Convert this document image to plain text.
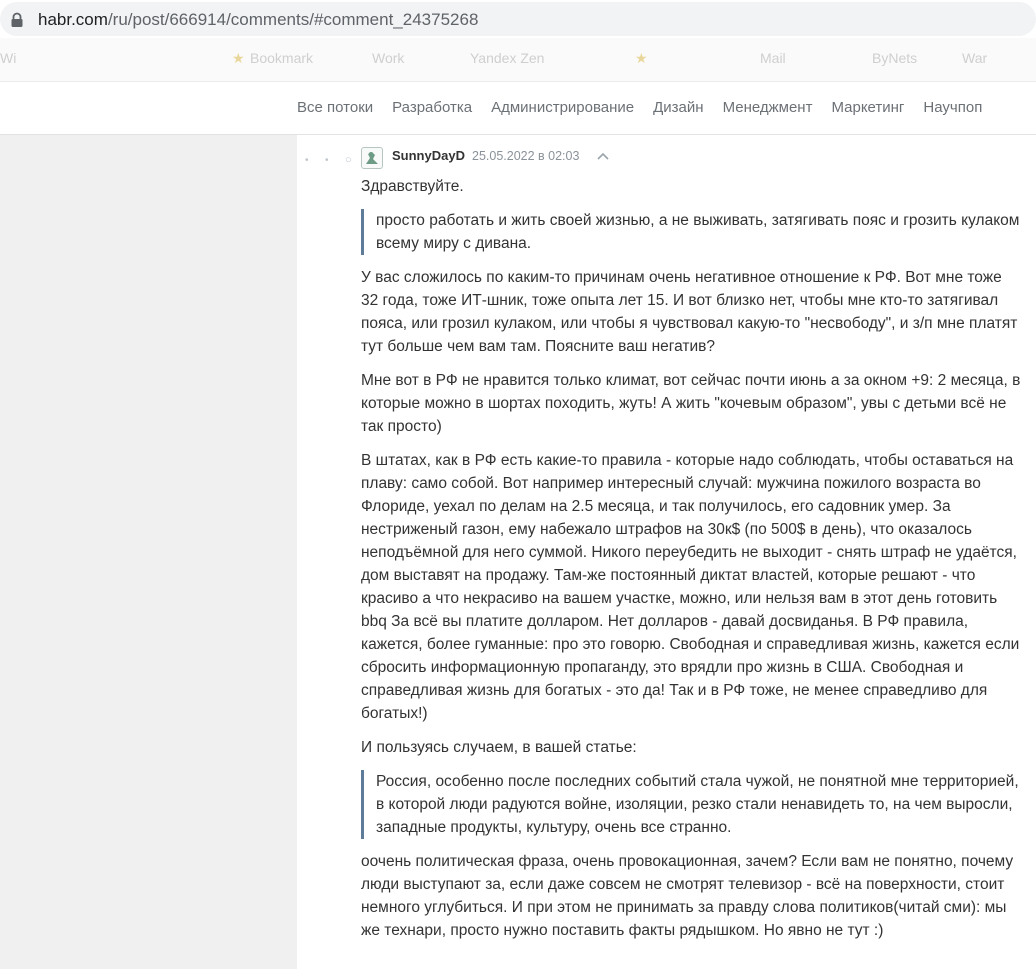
habr.com/ru/post/666914/comments/#comment_24375268
Wi	★ Bookmark	Work	Yandex Zen	★	Mail	ByNets	War
Все потоки Разработка Администрирование Дизайн Менеджмент Маркетинг Научпоп
• • ○	SunnyDayD 25.05.2022 в 02:03

Здравствуйте.

просто работать и жить своей жизнью, а не выживать, затягивать пояс и грозить кулаком всему миру с дивана.

У вас сложилось по каким-то причинам очень негативное отношение к РФ. Вот мне тоже 32 года, тоже ИТ-шник, тоже опыта лет 15. И вот близко нет, чтобы мне кто-то затягивал пояса, или грозил кулаком, или чтобы я чувствовал какую-то "несвободу", и з/п мне платят тут больше чем вам там. Поясните ваш негатив?

Мне вот в РФ не нравится только климат, вот сейчас почти июнь а за окном +9: 2 месяца, в которые можно в шортах походить, жуть! А жить "кочевым образом", увы с детьми всё не так просто)

В штатах, как в РФ есть какие-то правила - которые надо соблюдать, чтобы оставаться на плаву: само собой. Вот например интересный случай: мужчина пожилого возраста во Флориде, уехал по делам на 2.5 месяца, и так получилось, его садовник умер. За нестриженый газон, ему набежало штрафов на 30к$ (по 500$ в день), что оказалось неподъёмной для него суммой. Никого переубедить не выходит - снять штраф не удаётся, дом выставят на продажу. Там-же постоянный диктат властей, которые решают - что красиво а что некрасиво на вашем участке, можно, или нельзя вам в этот день готовить bbq За всё вы платите долларом. Нет долларов - давай досвиданья. В РФ правила, кажется, более гуманные: про это говорю. Свободная и справедливая жизнь, кажется если сбросить информационную пропаганду, это врядли про жизнь в США. Свободная и справедливая жизнь для богатых - это да! Так и в РФ тоже, не менее справедливо для богатых!)

И пользуясь случаем, в вашей статье:

Россия, особенно после последних событий стала чужой, не понятной мне территорией, в которой люди радуются войне, изоляции, резко стали ненавидеть то, на чем выросли, западные продукты, культуру, очень все странно.

оочень политическая фраза, очень провокационная, зачем? Если вам не понятно, почему люди выступают за, если даже совсем не смотрят телевизор - всё на поверхности, стоит немного углубиться. И при этом не принимать за правду слова политиков(читай сми): мы же технари, просто нужно поставить факты рядышком. Но явно не тут :)
